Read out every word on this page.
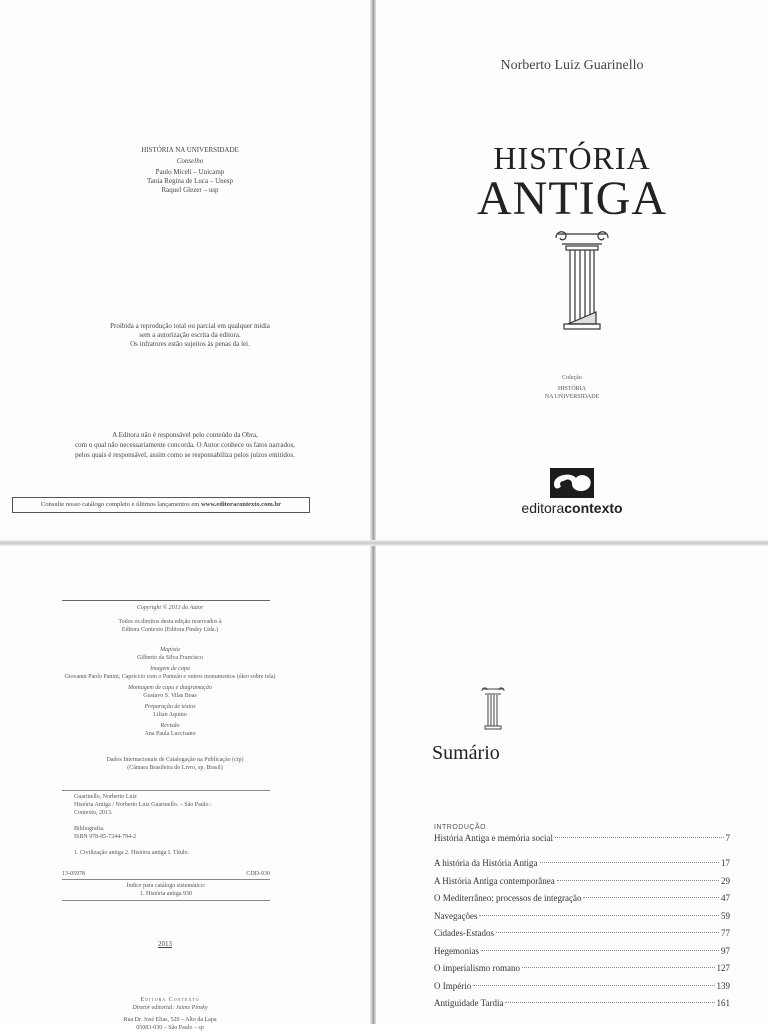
HISTÓRIA NA UNIVERSIDADE
Conselho
Paulo Miceli – Unicamp
Tania Regina de Luca – Unesp
Raquel Glezer – usp
Proibida a reprodução total ou parcial em qualquer mídia
sem a autorização escrita da editora.
Os infratores estão sujeitos às penas da lei.
A Editora não é responsável pelo conteúdo da Obra,
com o qual não necessariamente concorda. O Autor conhece os fatos narrados,
pelos quais é responsável, assim como se responsabiliza pelos juízos emitidos.
Consulte nosso catálogo completo e últimos lançamentos em www.editoracontexto.com.br
Norberto Luiz Guarinello
HISTÓRIA
ANTIGA
Coleção
HISTÓRIA
NA UNIVERSIDADE
editoracontexto
Copyright © 2013 do Autor
Todos os direitos desta edição reservados à
Editora Contexto (Editora Pinsky Ltda.)
Mapista
Gilberto da Silva Francisco
Imagem de capa
Giovanni Paolo Panini, Capriccio com o Panteão e outros monumentos (óleo sobre tela)
Montagem de capa e diagramação
Gustavo S. Vilas Boas
Preparação de textos
Lilian Aquino
Revisão
Ana Paula Luccisano
Dados Internacionais de Catalogação na Publicação (cip)
(Câmara Brasileira do Livro, sp, Brasil)
Guarinello, Norberto Luiz
História Antiga / Norberto Luiz Guarinello. – São Paulo :
Contexto, 2013.
Bibliografia.
ISBN 978-85-7244-794-2
1. Civilização antiga 2. História antiga I. Título.
13-05978	CDD-930
Índice para catálogo sistemático:
1. História antiga 930
2013
Editora Contexto
Diretor editorial: Jaime Pinsky
Rua Dr. José Elias, 520 – Alto da Lapa
05083-030 – São Paulo – sp
Sumário
INTRODUÇÃO
História Antiga e memória social	7
A história da História Antiga	17
A História Antiga contemporânea	29
O Mediterrâneo: processos de integração	47
Navegações	59
Cidades-Estados	77
Hegemonias	97
O imperialismo romano	127
O Império	139
Antiguidade Tardia	161
